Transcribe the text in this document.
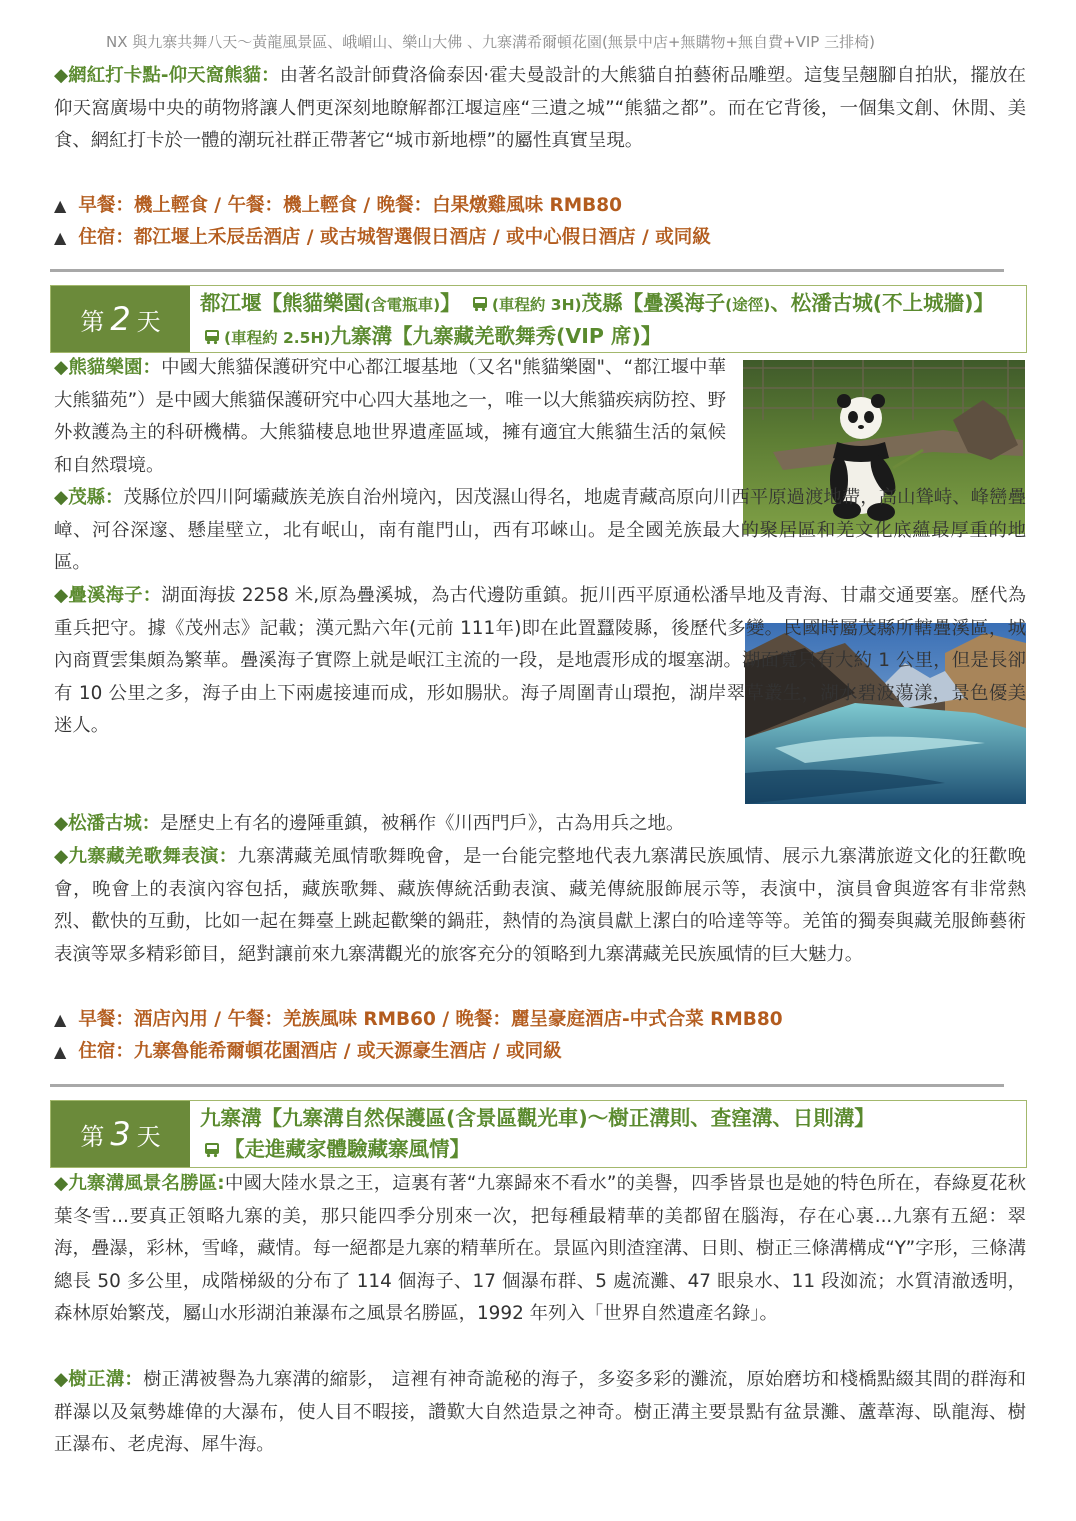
NX 與九寨共舞八天～黃龍風景區、峨嵋山、樂山大佛 、九寨溝希爾頓花園(無景中店+無購物+無自費+VIP 三排椅)
◆網紅打卡點-仰天窩熊貓：由著名設計師費洛倫泰因·霍夫曼設計的大熊貓自拍藝術品雕塑。這隻呈翹腳自拍狀，擺放在仰天窩廣場中央的萌物將讓人們更深刻地瞭解都江堰這座“三遺之城”“熊貓之都”。而在它背後，一個集文創、休閒、美食、網紅打卡於一體的潮玩社群正帶著它“城市新地標”的屬性真實呈現。
▲ 早餐：機上輕食 / 午餐：機上輕食 / 晚餐：白果燉雞風味 RMB80
▲ 住宿：都江堰上禾辰岳酒店 / 或古城智選假日酒店 / 或中心假日酒店 / 或同級
第 2 天
都江堰【熊貓樂園(含電瓶車)】 (車程約 3H)茂縣【疊溪海子(途徑)、松潘古城(不上城牆)】 (車程約 2.5H)九寨溝【九寨藏羌歌舞秀(VIP 席)】
◆熊貓樂園：中國大熊貓保護研究中心都江堰基地（又名"熊貓樂園"、“都江堰中華大熊貓苑”）是中國大熊貓保護研究中心四大基地之一，唯一以大熊貓疾病防控、野外救護為主的科研機構。大熊貓棲息地世界遺產區域，擁有適宜大熊貓生活的氣候和自然環境。
◆茂縣：茂縣位於四川阿壩藏族羌族自治州境內，因茂濕山得名，地處青藏高原向川西平原過渡地帶，高山聳峙、峰巒疊嶂、河谷深邃、懸崖壁立，北有岷山，南有龍門山，西有邛崍山。是全國羌族最大的聚居區和羌文化底蘊最厚重的地區。
◆疊溪海子：湖面海拔 2258 米,原為疊溪城，為古代邊防重鎮。扼川西平原通松潘旱地及青海、甘肅交通要塞。歷代為重兵把守。據《茂州志》記載；漢元點六年(元前 111年)即在此置蠶陵縣，後歷代多變。民國時屬茂縣所轄疊溪區，城內商賈雲集頗為繁華。疊溪海子實際上就是岷江主流的一段，是地震形成的堰塞湖。湖面寬只有大約 1 公里，但是長卻有 10 公里之多，海子由上下兩處接連而成，形如腸狀。海子周圍青山環抱，湖岸翠草叢生，湖水碧波蕩漾，景色優美迷人。
◆松潘古城：是歷史上有名的邊陲重鎮，被稱作《川西門戶》，古為用兵之地。
◆九寨藏羌歌舞表演：九寨溝藏羌風情歌舞晚會，是一台能完整地代表九寨溝民族風情、展示九寨溝旅遊文化的狂歡晚會，晚會上的表演內容包括，藏族歌舞、藏族傳統活動表演、藏羌傳統服飾展示等，表演中，演員會與遊客有非常熱烈、歡快的互動，比如一起在舞臺上跳起歡樂的鍋莊，熱情的為演員獻上潔白的哈達等等。羌笛的獨奏與藏羌服飾藝術表演等眾多精彩節目，絕對讓前來九寨溝觀光的旅客充分的領略到九寨溝藏羌民族風情的巨大魅力。
▲ 早餐：酒店內用 / 午餐：羌族風味 RMB60 / 晚餐：麗呈豪庭酒店-中式合菜 RMB80
▲ 住宿：九寨魯能希爾頓花園酒店 / 或天源豪生酒店 / 或同級
第 3 天
九寨溝【九寨溝自然保護區(含景區觀光車)～樹正溝則、查窪溝、日則溝】
【走進藏家體驗藏寨風情】
◆九寨溝風景名勝區:中國大陸水景之王，這裏有著“九寨歸來不看水”的美譽，四季皆景也是她的特色所在，春綠夏花秋葉冬雪...要真正領略九寨的美，那只能四季分別來一次，把每種最精華的美都留在腦海，存在心裏...九寨有五絕：翠海，疊瀑，彩林，雪峰，藏情。每一絕都是九寨的精華所在。景區內則渣窪溝、日則、樹正三條溝構成“Y”字形，三條溝總長 50 多公里，成階梯級的分布了 114 個海子、17 個瀑布群、5 處流灘、47 眼泉水、11 段洳流；水質清澈透明，森林原始繁茂，屬山水形湖泊兼瀑布之風景名勝區，1992 年列入「世界自然遺產名錄」。
◆樹正溝：樹正溝被譽為九寨溝的縮影， 這裡有神奇詭秘的海子，多姿多彩的灘流，原始磨坊和棧橋點綴其間的群海和群瀑以及氣勢雄偉的大瀑布，使人目不暇接，讚歎大自然造景之神奇。樹正溝主要景點有盆景灘、蘆葦海、臥龍海、樹正瀑布、老虎海、犀牛海。
